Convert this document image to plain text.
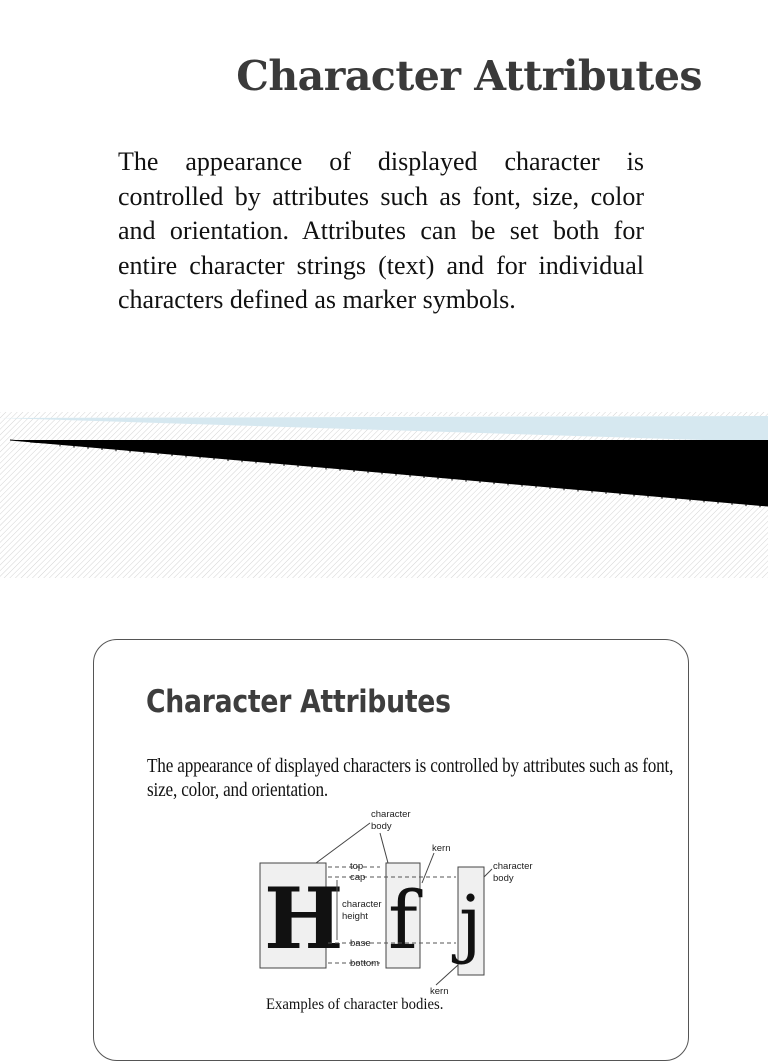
Character Attributes

The appearance of displayed character is controlled by attributes such as font, size, color and orientation. Attributes can be set both for entire character strings (text) and for individual characters defined as marker symbols.

Character Attributes

The appearance of displayed characters is controlled by attributes such as font, size, color, and orientation.

H f j
character
body
kern
character
body
top
cap
character
height
base
bottom
kern

Examples of character bodies.
